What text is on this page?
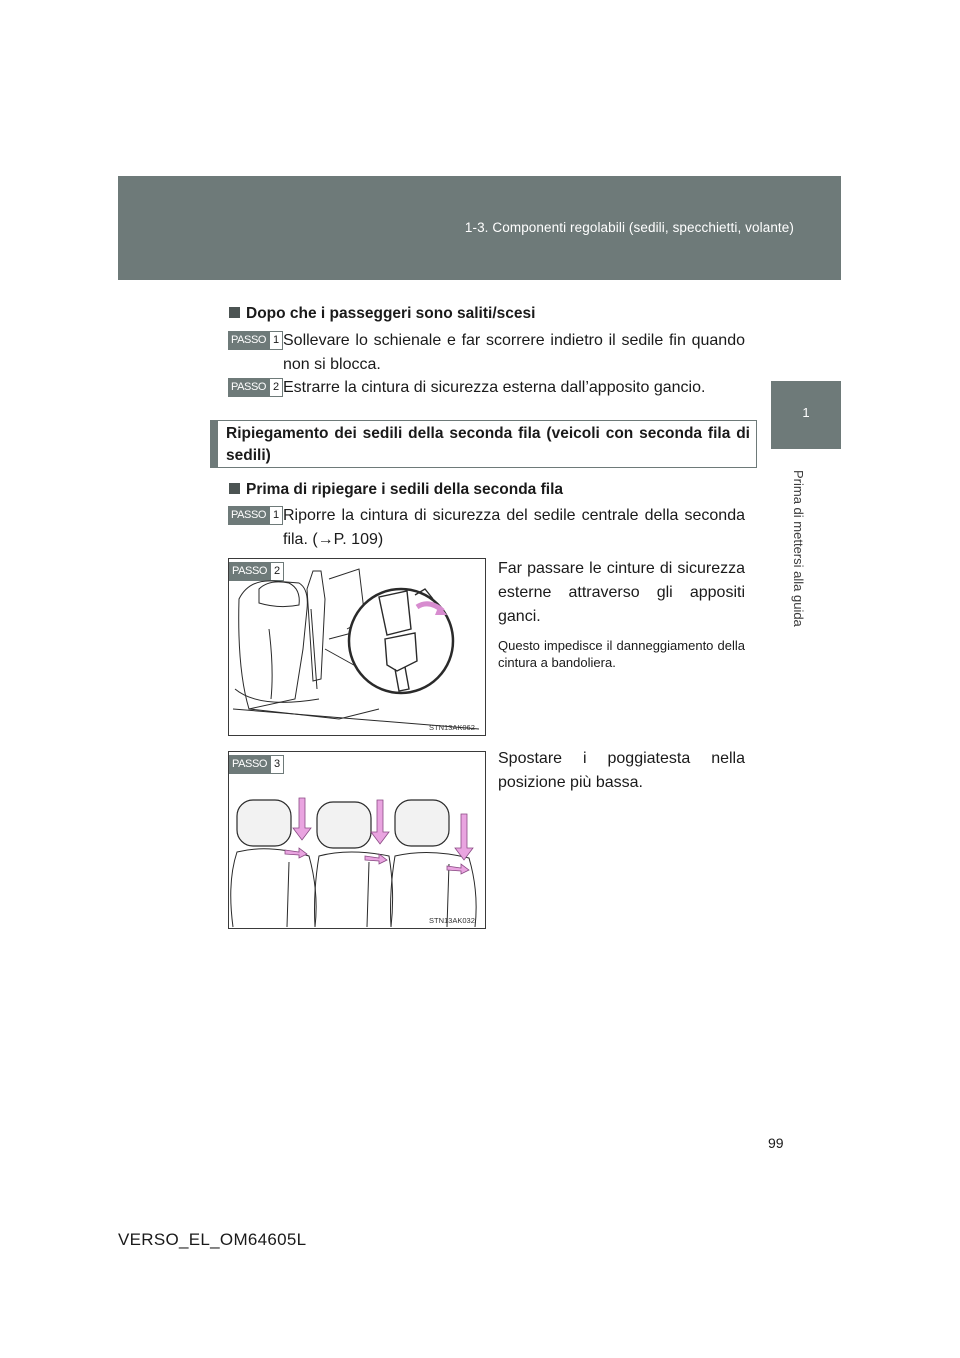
1-3. Componenti regolabili (sedili, specchietti, volante)
1
Prima di mettersi alla guida
Dopo che i passeggeri sono saliti/scesi
PASSO 1 Sollevare lo schienale e far scorrere indietro il sedile fin quando non si blocca.
PASSO 2 Estrarre la cintura di sicurezza esterna dall’apposito gancio.

Ripiegamento dei sedili della seconda fila (veicoli con seconda fila di sedili)

Prima di ripiegare i sedili della seconda fila
PASSO 1 Riporre la cintura di sicurezza del sedile centrale della seconda fila. (→P. 109)
PASSO 2
STN13AK062
Far passare le cinture di sicurezza esterne attraverso gli appositi ganci.
Questo impedisce il danneggiamento della cintura a bandoliera.
PASSO 3
STN13AK032
Spostare i poggiatesta nella posizione più bassa.
99
VERSO_EL_OM64605L
